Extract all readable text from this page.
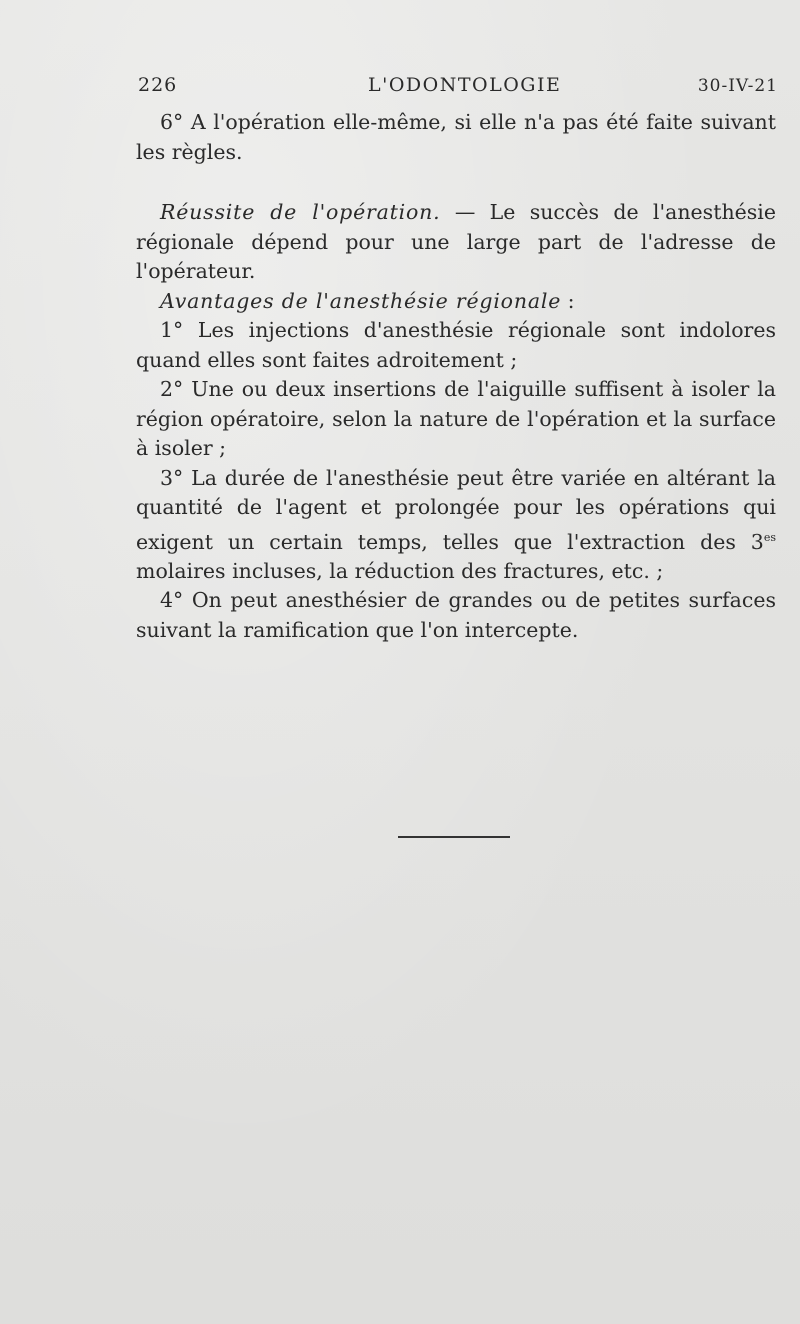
226	L'ODONTOLOGIE	30-IV-21

6° A l'opération elle-même, si elle n'a pas été faite suivant les règles.

Réussite de l'opération. — Le succès de l'anesthésie régionale dépend pour une large part de l'adresse de l'opérateur.

Avantages de l'anesthésie régionale :

1° Les injections d'anesthésie régionale sont indolores quand elles sont faites adroitement ;

2° Une ou deux insertions de l'aiguille suffisent à isoler la région opératoire, selon la nature de l'opération et la surface à isoler ;

3° La durée de l'anesthésie peut être variée en altérant la quantité de l'agent et prolongée pour les opérations qui exigent un certain temps, telles que l'extraction des $3^{es}$ molaires incluses, la réduction des fractures, etc. ;

4° On peut anesthésier de grandes ou de petites surfaces suivant la ramification que l'on intercepte.
